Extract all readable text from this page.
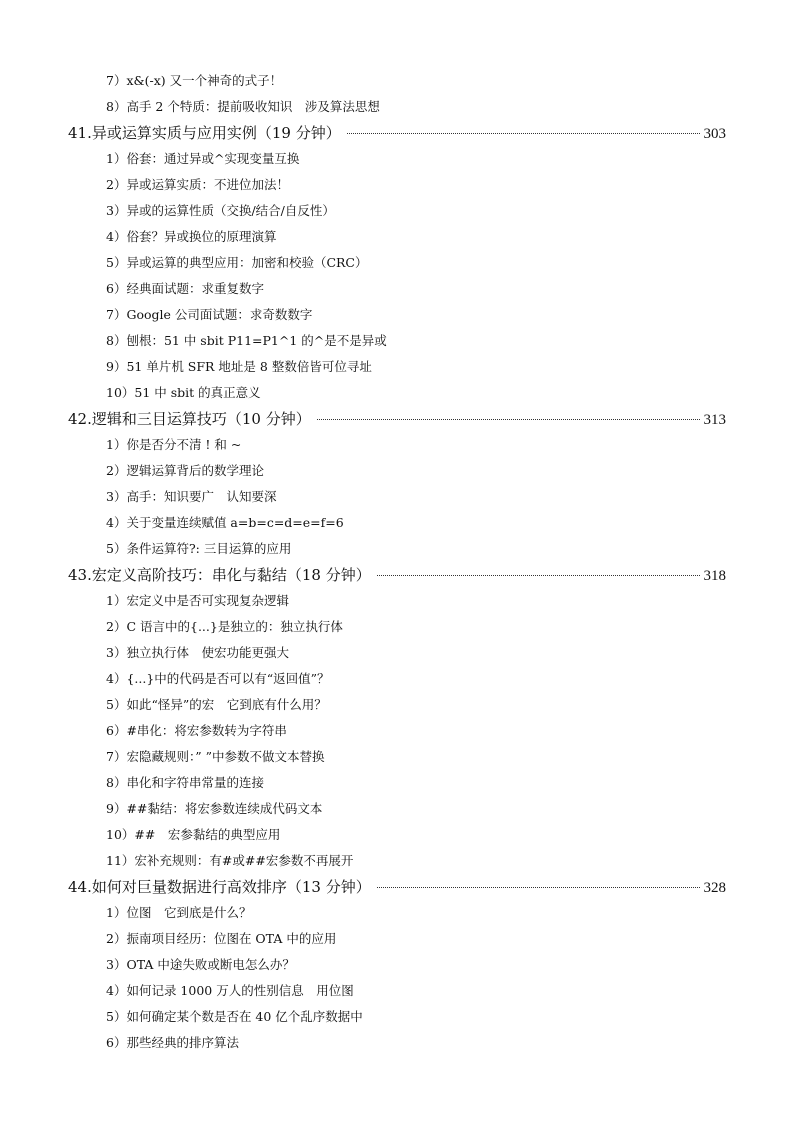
7）x&(-x) 又一个神奇的式子！
8）高手 2 个特质：提前吸收知识　涉及算法思想
41.异或运算实质与应用实例（19 分钟）	303
1）俗套：通过异或^实现变量互换
2）异或运算实质：不进位加法！
3）异或的运算性质（交换/结合/自反性）
4）俗套？异或换位的原理演算
5）异或运算的典型应用：加密和校验（CRC）
6）经典面试题：求重复数字
7）Google 公司面试题：求奇数数字
8）刨根：51 中 sbit P11=P1^1 的^是不是异或
9）51 单片机 SFR 地址是 8 整数倍皆可位寻址
10）51 中 sbit 的真正意义
42.逻辑和三目运算技巧（10 分钟）	313
1）你是否分不清 ! 和 ~
2）逻辑运算背后的数学理论
3）高手：知识要广　认知要深
4）关于变量连续赋值 a=b=c=d=e=f=6
5）条件运算符?: 三目运算的应用
43.宏定义高阶技巧：串化与黏结（18 分钟）	318
1）宏定义中是否可实现复杂逻辑
2）C 语言中的{...}是独立的：独立执行体
3）独立执行体　使宏功能更强大
4）{...}中的代码是否可以有“返回值”？
5）如此“怪异”的宏　它到底有什么用？
6）#串化：将宏参数转为字符串
7）宏隐藏规则：” ”中参数不做文本替换
8）串化和字符串常量的连接
9）##黏结：将宏参数连续成代码文本
10）##　宏参黏结的典型应用
11）宏补充规则：有#或##宏参数不再展开
44.如何对巨量数据进行高效排序（13 分钟）	328
1）位图　它到底是什么？
2）振南项目经历：位图在 OTA 中的应用
3）OTA 中途失败或断电怎么办？
4）如何记录 1000 万人的性别信息　用位图
5）如何确定某个数是否在 40 亿个乱序数据中
6）那些经典的排序算法
